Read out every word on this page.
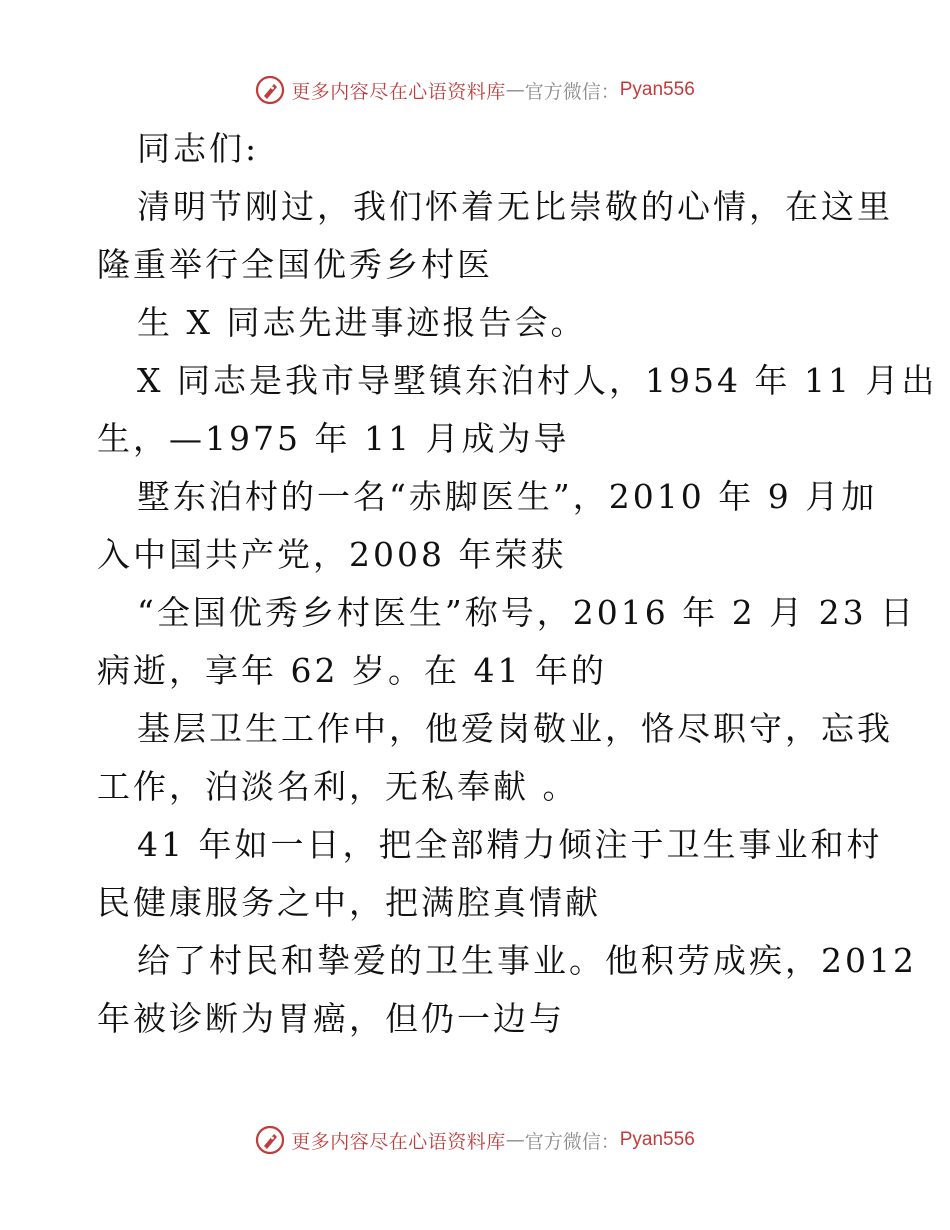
更多内容尽在心语资料库 — 官方微信： Pyan556
同志们:
清明节刚过，我们怀着无比崇敬的心情，在这里
隆重举行全国优秀乡村医
生 X 同志先进事迹报告会。
X 同志是我市导墅镇东泊村人，1954 年 11 月出
生，—1975 年 11 月成为导
墅东泊村的一名“赤脚医生”，2010 年 9 月加
入中国共产党，2008 年荣获
“全国优秀乡村医生”称号，2016 年 2 月 23 日
病逝，享年 62 岁。在 41 年的
基层卫生工作中，他爱岗敬业，恪尽职守，忘我
工作，泊淡名利，无私奉献 。
41 年如一日，把全部精力倾注于卫生事业和村
民健康服务之中，把满腔真情献
给了村民和挚爱的卫生事业。他积劳成疾，2012
年被诊断为胃癌，但仍一边与
更多内容尽在心语资料库 — 官方微信： Pyan556
